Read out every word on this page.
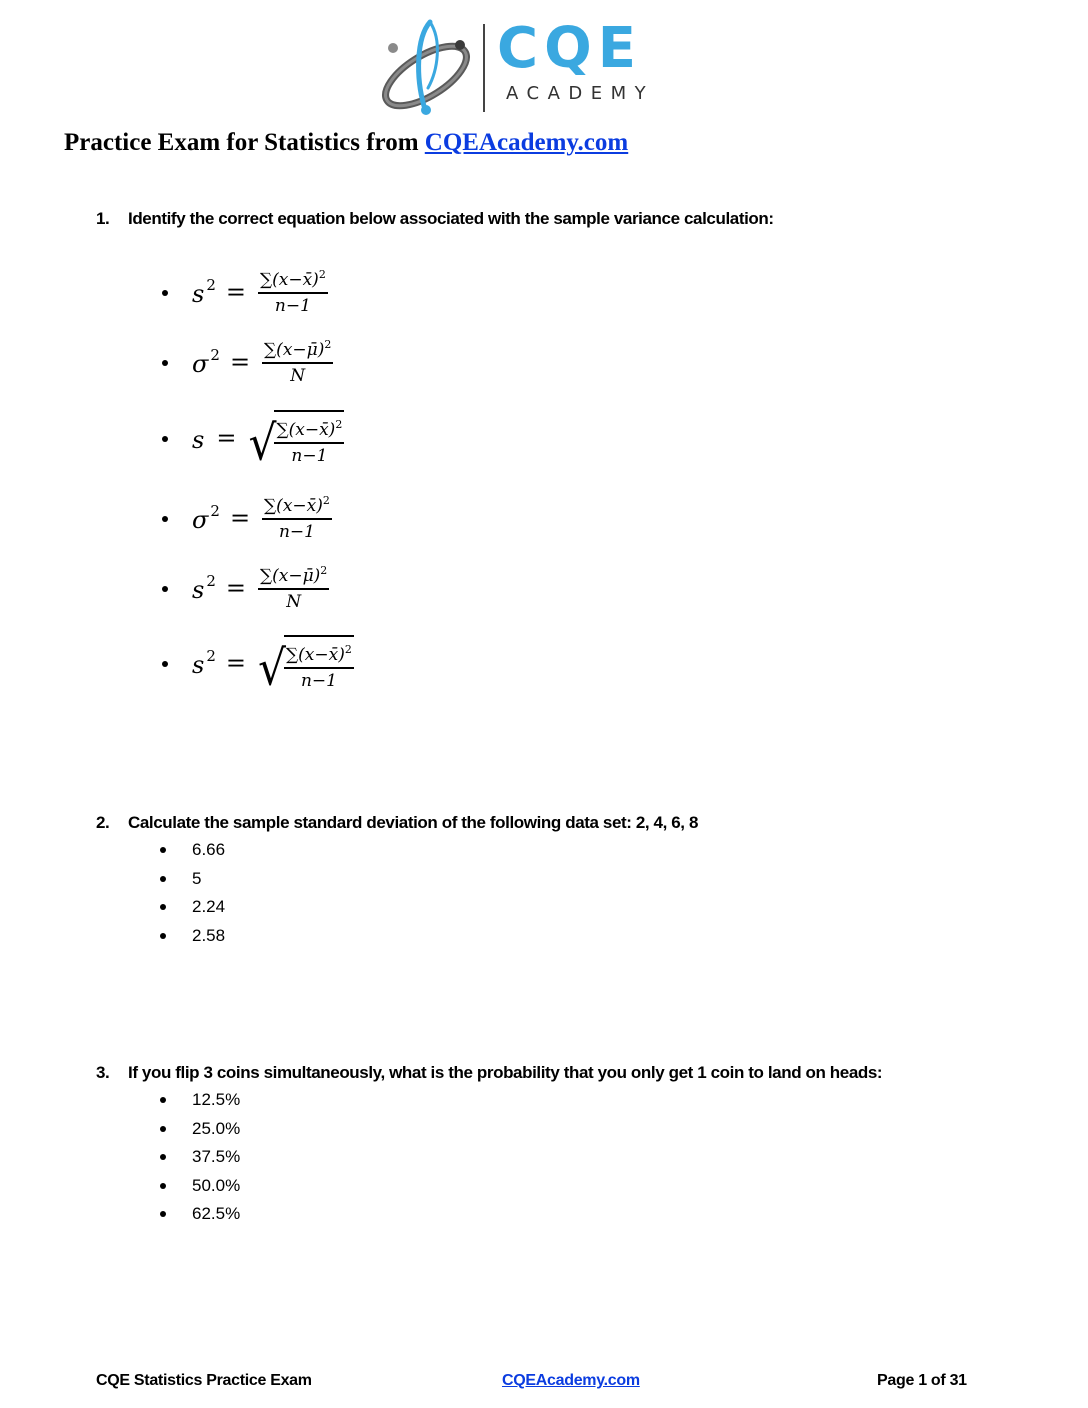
CQE
ACADEMY
Practice Exam for Statistics from CQEAcademy.com
1. Identify the correct equation below associated with the sample variance calculation:
s $^2 = \frac{\sum(x-x̄)^2}{n-1}$
σ $^2 = \frac{\sum(x-\mū)^2}{N}$
s = √
$\frac{\sum(x-x̄)^2}{n-1}$
σ $^2 = \frac{\sum(x-x̄)^2}{n-1}$
s $^2 = \frac{\sum(x-\mū)^2}{N}$
s $^2$ = √
$\frac{\sum(x-x̄)^2}{n-1}$
2. Calculate the sample standard deviation of the following data set: 2, 4, 6, 8
6.66
5
2.24
2.58
3. If you flip 3 coins simultaneously, what is the probability that you only get 1 coin to land on heads:
12.5%
25.0%
37.5%
50.0%
62.5%
CQE Statistics Practice Exam	CQEAcademy.com	Page 1 of 31
